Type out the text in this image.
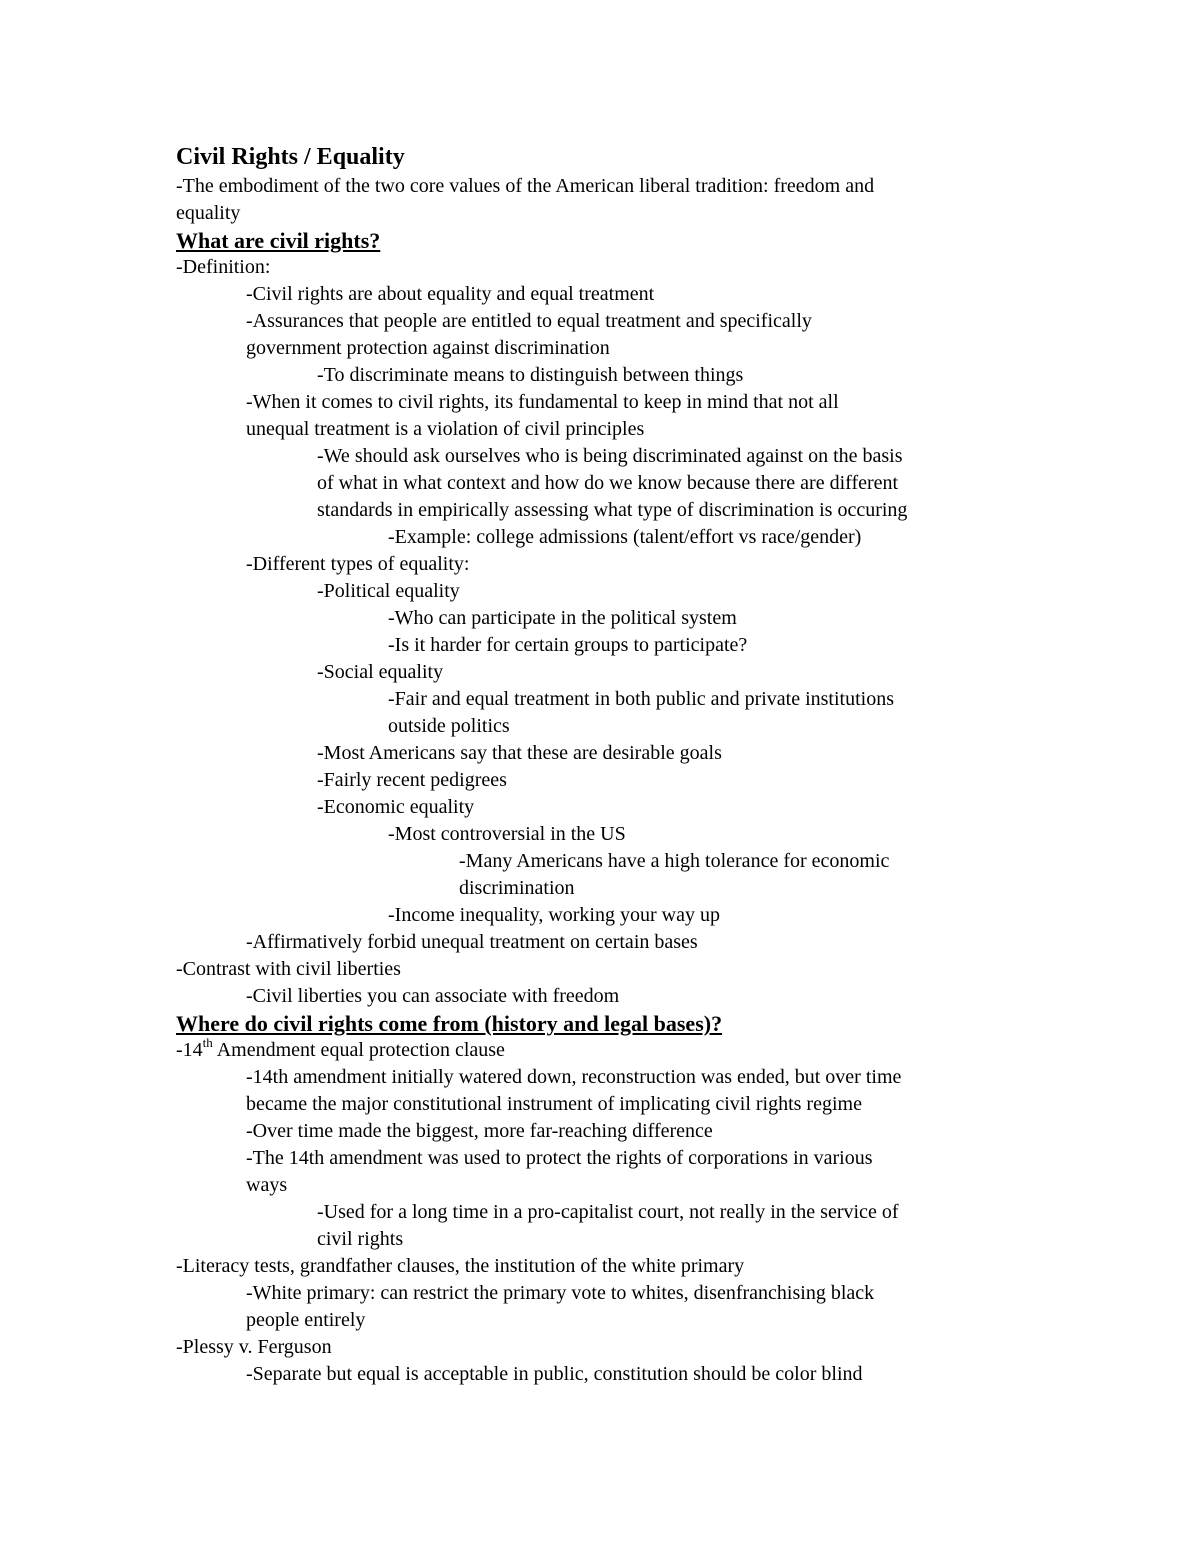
Civil Rights / Equality
-The embodiment of the two core values of the American liberal tradition: freedom and
equality
What are civil rights?
-Definition:
-Civil rights are about equality and equal treatment
-Assurances that people are entitled to equal treatment and specifically
government protection against discrimination
-To discriminate means to distinguish between things
-When it comes to civil rights, its fundamental to keep in mind that not all
unequal treatment is a violation of civil principles
-We should ask ourselves who is being discriminated against on the basis
of what in what context and how do we know because there are different
standards in empirically assessing what type of discrimination is occuring
-Example: college admissions (talent/effort vs race/gender)
-Different types of equality:
-Political equality
-Who can participate in the political system
-Is it harder for certain groups to participate?
-Social equality
-Fair and equal treatment in both public and private institutions
outside politics
-Most Americans say that these are desirable goals
-Fairly recent pedigrees
-Economic equality
-Most controversial in the US
-Many Americans have a high tolerance for economic
discrimination
-Income inequality, working your way up
-Affirmatively forbid unequal treatment on certain bases
-Contrast with civil liberties
-Civil liberties you can associate with freedom
Where do civil rights come from (history and legal bases)?
-14th Amendment equal protection clause
-14th amendment initially watered down, reconstruction was ended, but over time
became the major constitutional instrument of implicating civil rights regime
-Over time made the biggest, more far-reaching difference
-The 14th amendment was used to protect the rights of corporations in various
ways
-Used for a long time in a pro-capitalist court, not really in the service of
civil rights
-Literacy tests, grandfather clauses, the institution of the white primary
-White primary: can restrict the primary vote to whites, disenfranchising black
people entirely
-Plessy v. Ferguson
-Separate but equal is acceptable in public, constitution should be color blind
